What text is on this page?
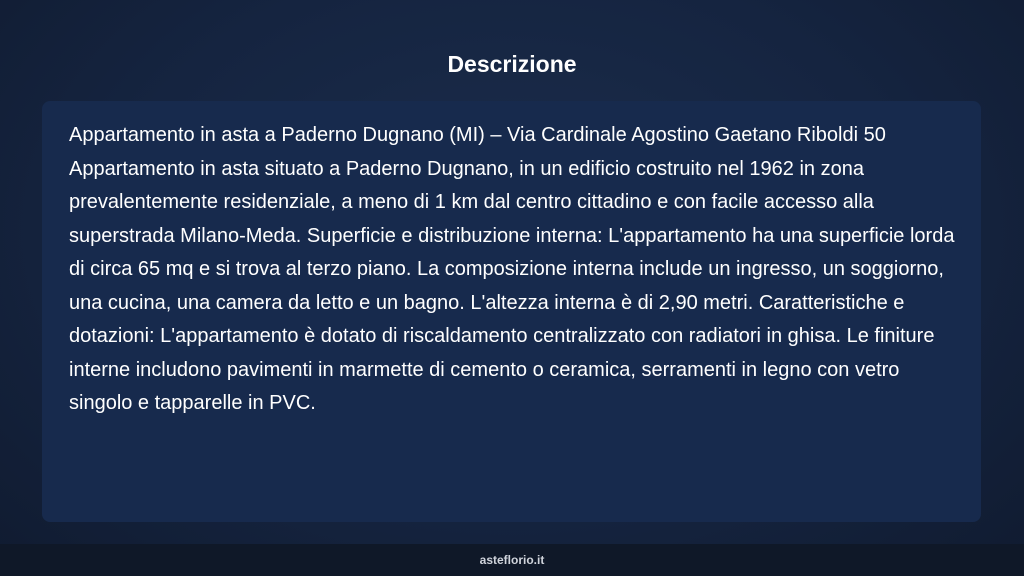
Descrizione

Appartamento in asta a Paderno Dugnano (MI) – Via Cardinale Agostino Gaetano Riboldi 50 Appartamento in asta situato a Paderno Dugnano, in un edificio costruito nel 1962 in zona prevalentemente residenziale, a meno di 1 km dal centro cittadino e con facile accesso alla superstrada Milano-Meda. Superficie e distribuzione interna: L'appartamento ha una superficie lorda di circa 65 mq e si trova al terzo piano. La composizione interna include un ingresso, un soggiorno, una cucina, una camera da letto e un bagno. L'altezza interna è di 2,90 metri. Caratteristiche e dotazioni: L'appartamento è dotato di riscaldamento centralizzato con radiatori in ghisa. Le finiture interne includono pavimenti in marmette di cemento o ceramica, serramenti in legno con vetro singolo e tapparelle in PVC.

asteflorio.it
